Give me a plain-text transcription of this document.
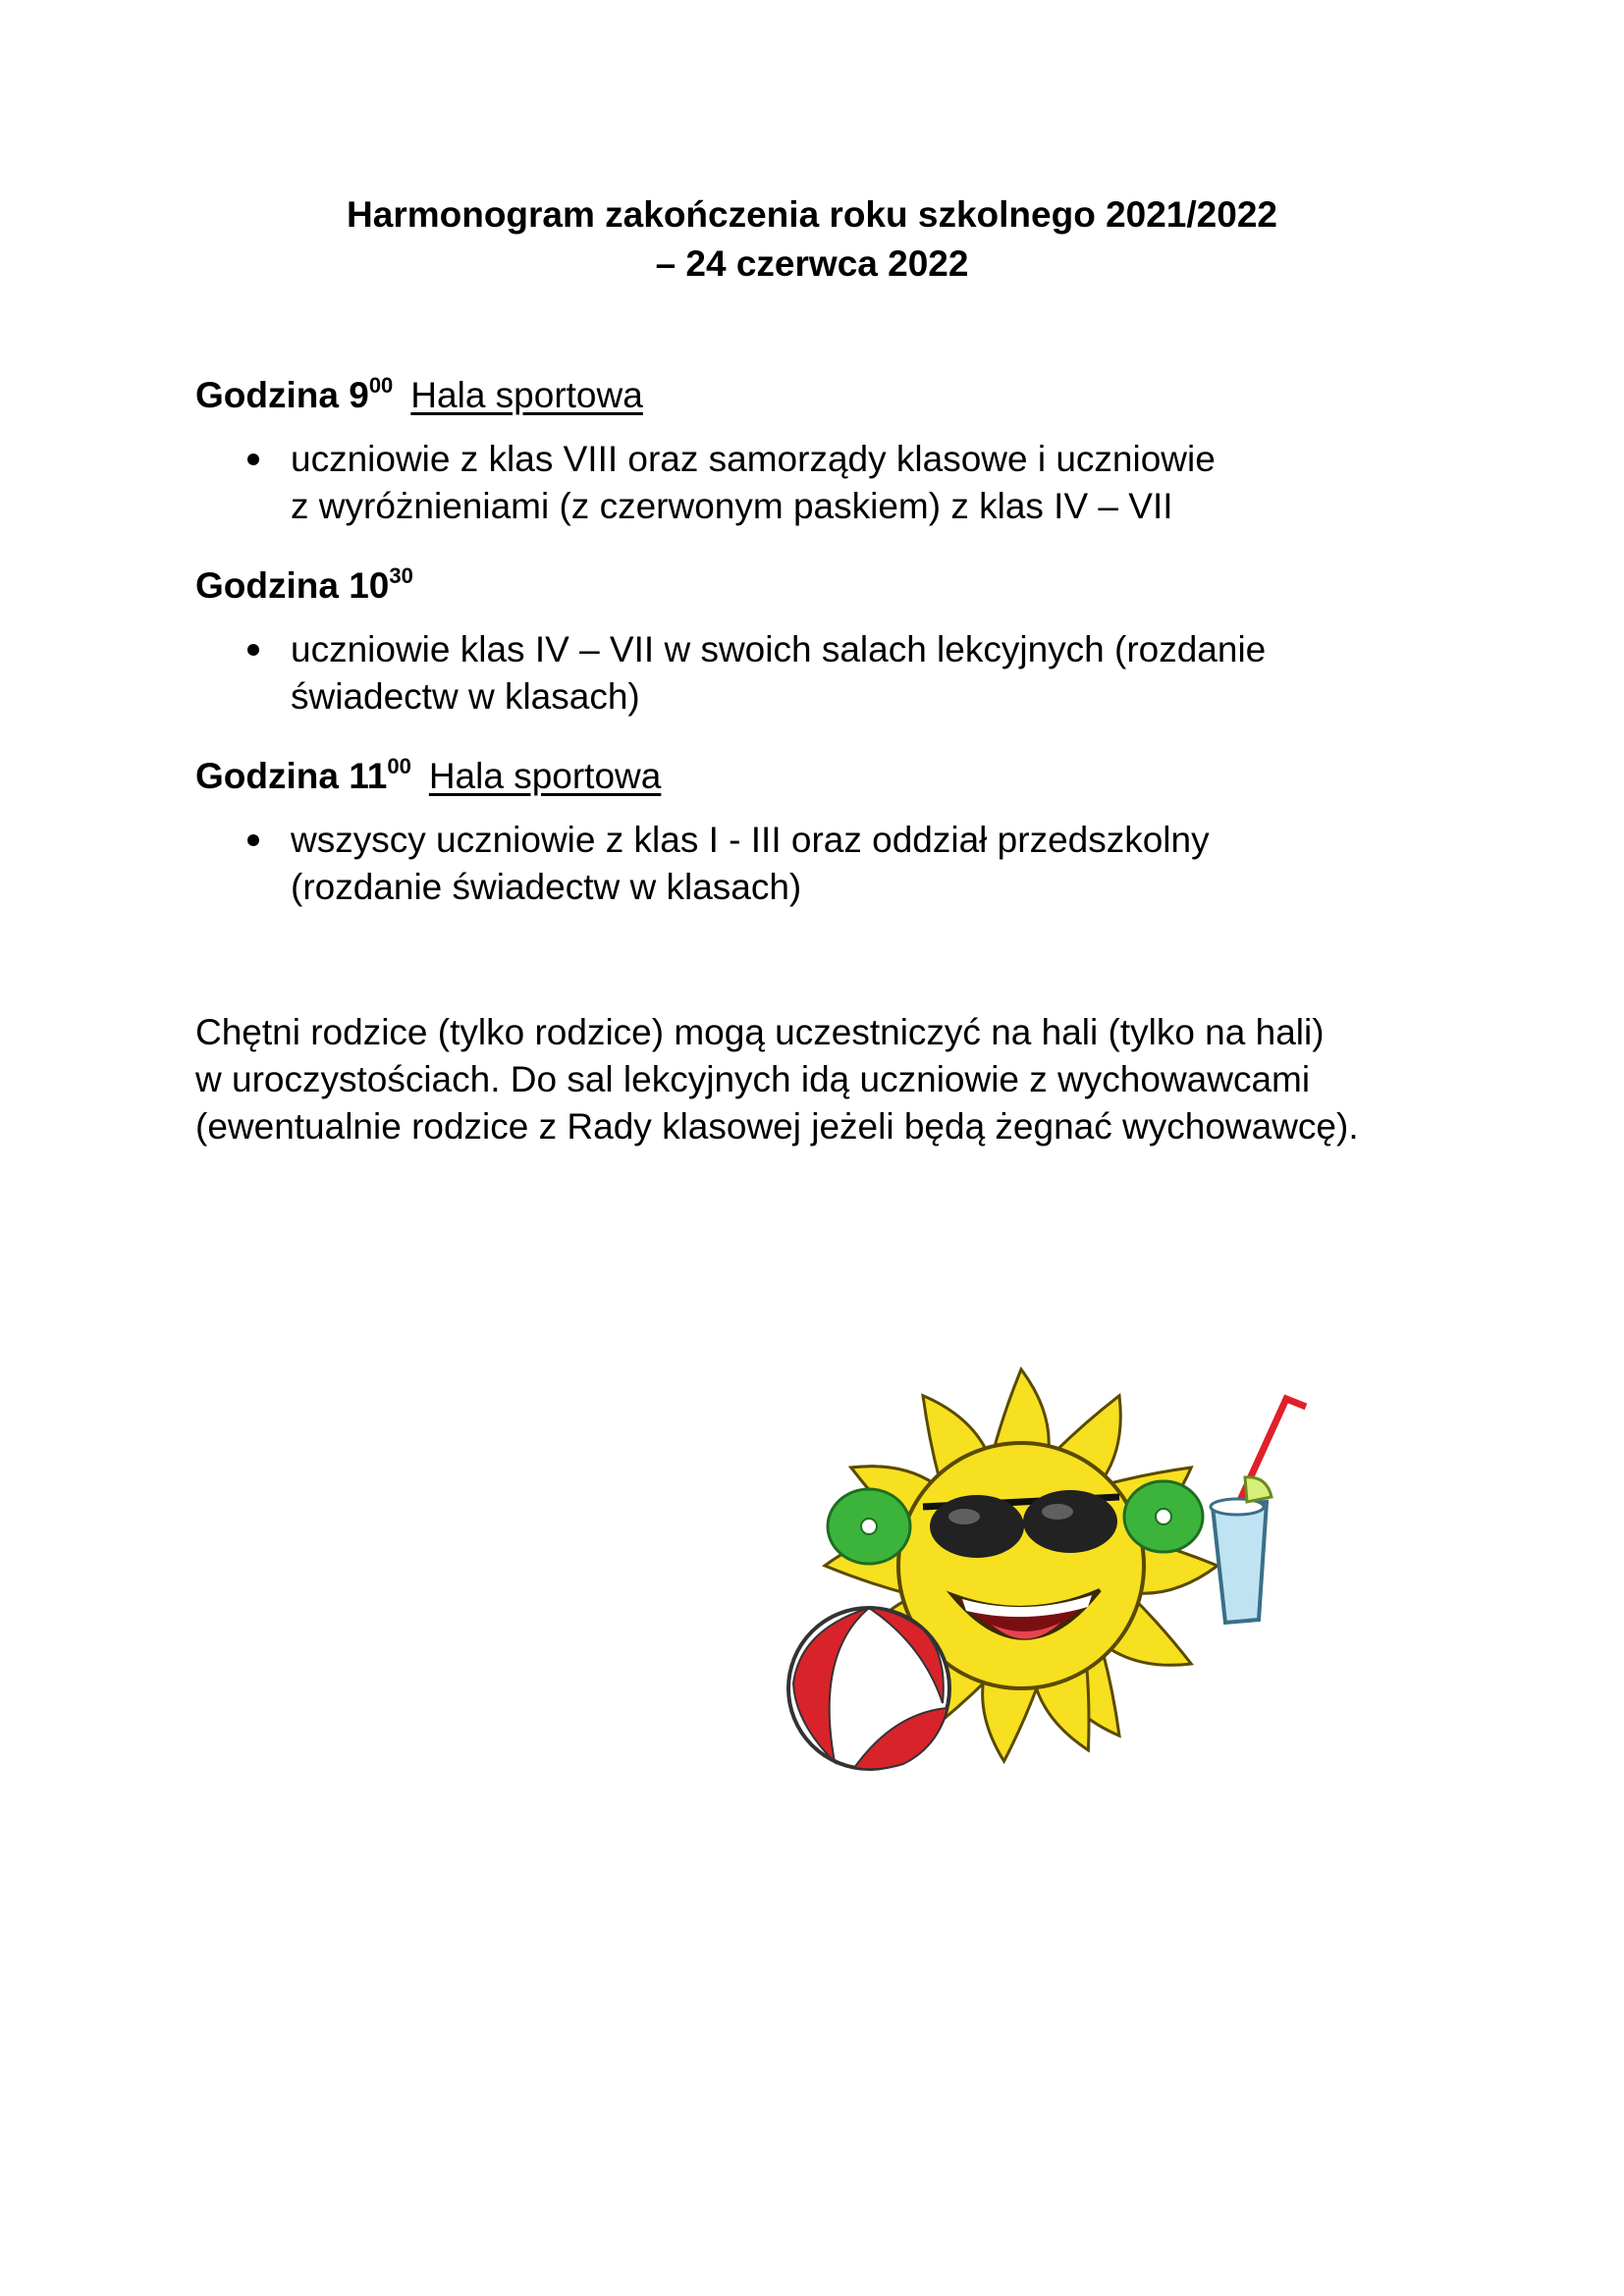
Harmonogram zakończenia roku szkolnego 2021/2022
– 24 czerwca 2022
Godzina $9^{00}$ Hala sportowa
uczniowie z klas VIII oraz samorządy klasowe i uczniowie
z wyróżnieniami (z czerwonym paskiem) z klas IV – VII
Godzina $10^{30}$
uczniowie klas IV – VII w swoich salach lekcyjnych (rozdanie
świadectw w klasach)
Godzina $11^{00}$ Hala sportowa
wszyscy uczniowie z klas I - III oraz oddział przedszkolny
(rozdanie świadectw w klasach)
Chętni rodzice (tylko rodzice) mogą uczestniczyć na hali (tylko na hali)
w uroczystościach. Do sal lekcyjnych idą uczniowie z wychowawcami
(ewentualnie rodzice z Rady klasowej jeżeli będą żegnać wychowawcę).
